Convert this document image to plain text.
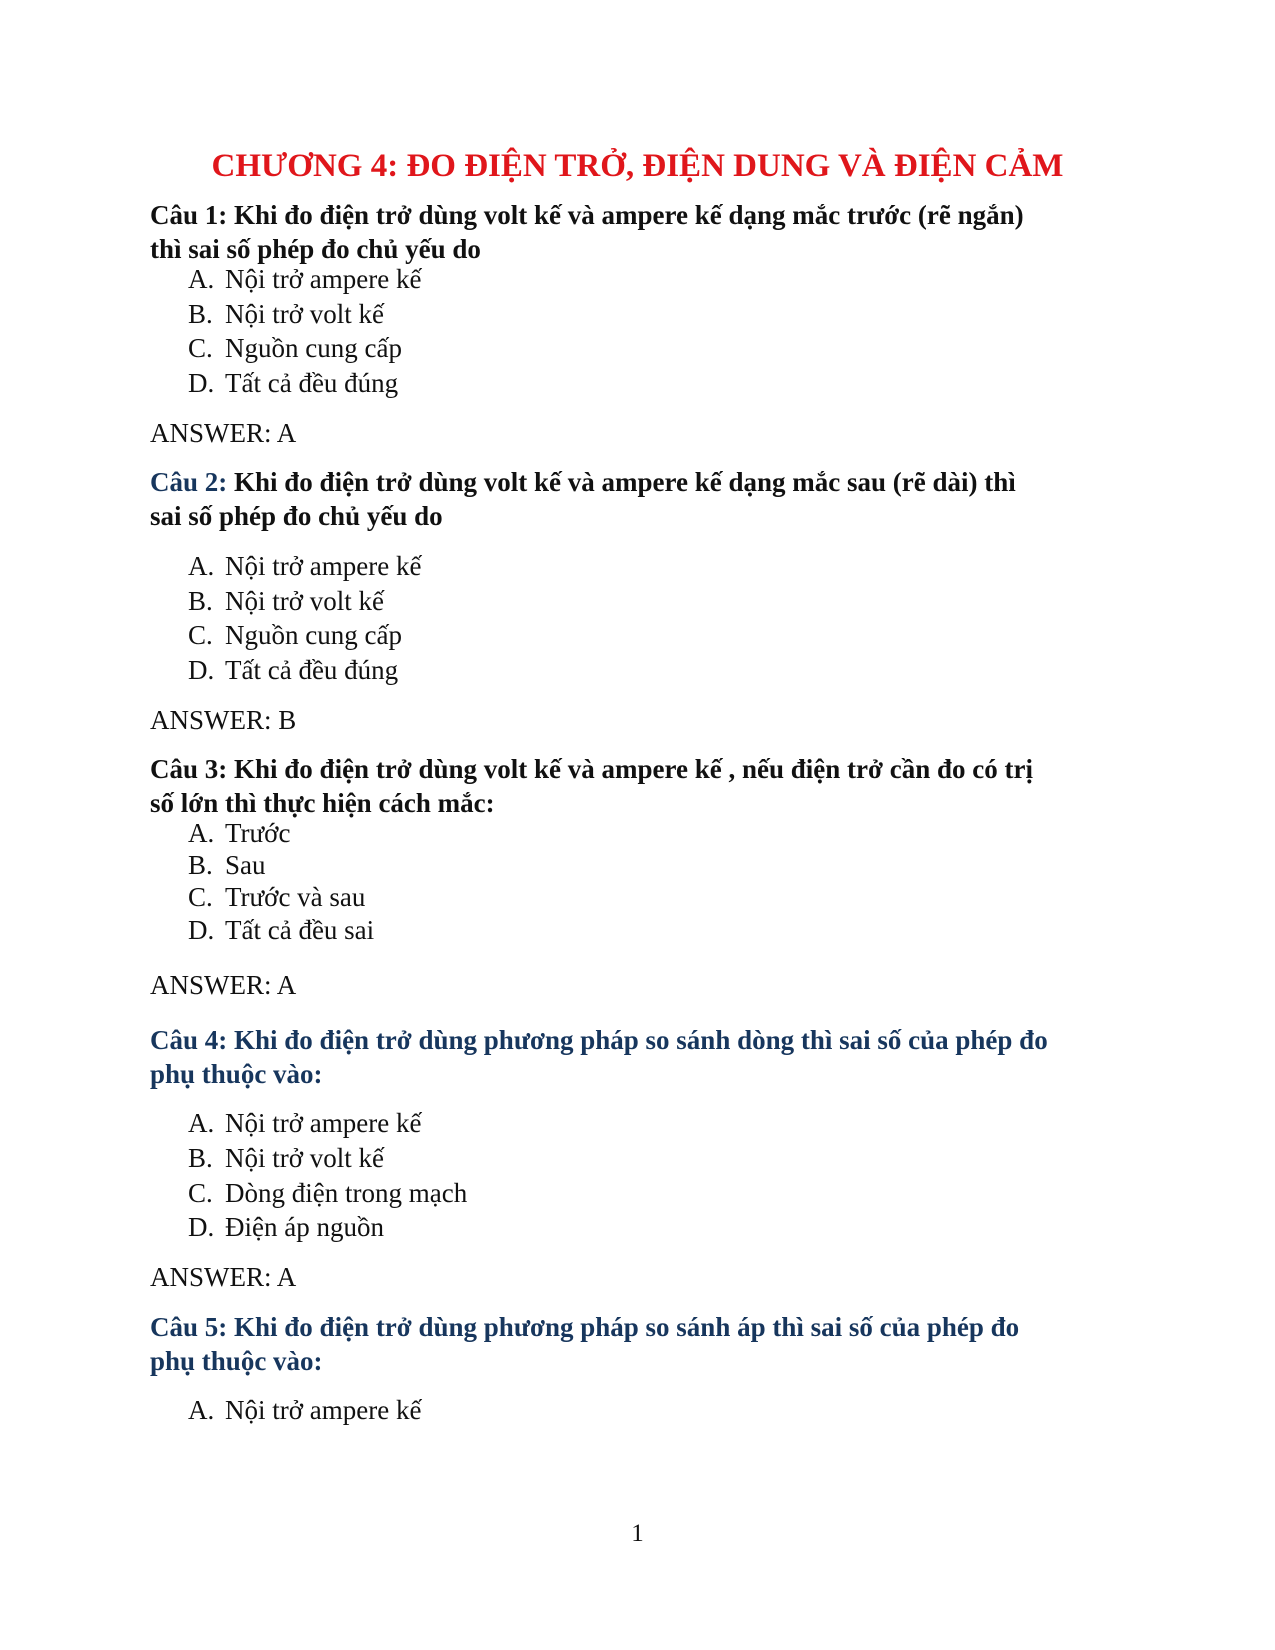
CHƯƠNG 4: ĐO ĐIỆN TRỞ, ĐIỆN DUNG VÀ ĐIỆN CẢM
Câu 1: Khi đo điện trở dùng volt kế và ampere kế dạng mắc trước (rẽ ngắn)
thì sai số phép đo chủ yếu do
A. Nội trở ampere kế
B. Nội trở volt kế
C. Nguồn cung cấp
D. Tất cả đều đúng
ANSWER: A
Câu 2: Khi đo điện trở dùng volt kế và ampere kế dạng mắc sau (rẽ dài) thì
sai số phép đo chủ yếu do
A. Nội trở ampere kế
B. Nội trở volt kế
C. Nguồn cung cấp
D. Tất cả đều đúng
ANSWER: B
Câu 3: Khi đo điện trở dùng volt kế và ampere kế , nếu điện trở cần đo có trị
số lớn thì thực hiện cách mắc:
A. Trước
B. Sau
C. Trước và sau
D. Tất cả đều sai
ANSWER: A
Câu 4: Khi đo điện trở dùng phương pháp so sánh dòng thì sai số của phép đo
phụ thuộc vào:
A. Nội trở ampere kế
B. Nội trở volt kế
C. Dòng điện trong mạch
D. Điện áp nguồn
ANSWER: A
Câu 5: Khi đo điện trở dùng phương pháp so sánh áp thì sai số của phép đo
phụ thuộc vào:
A. Nội trở ampere kế
1
